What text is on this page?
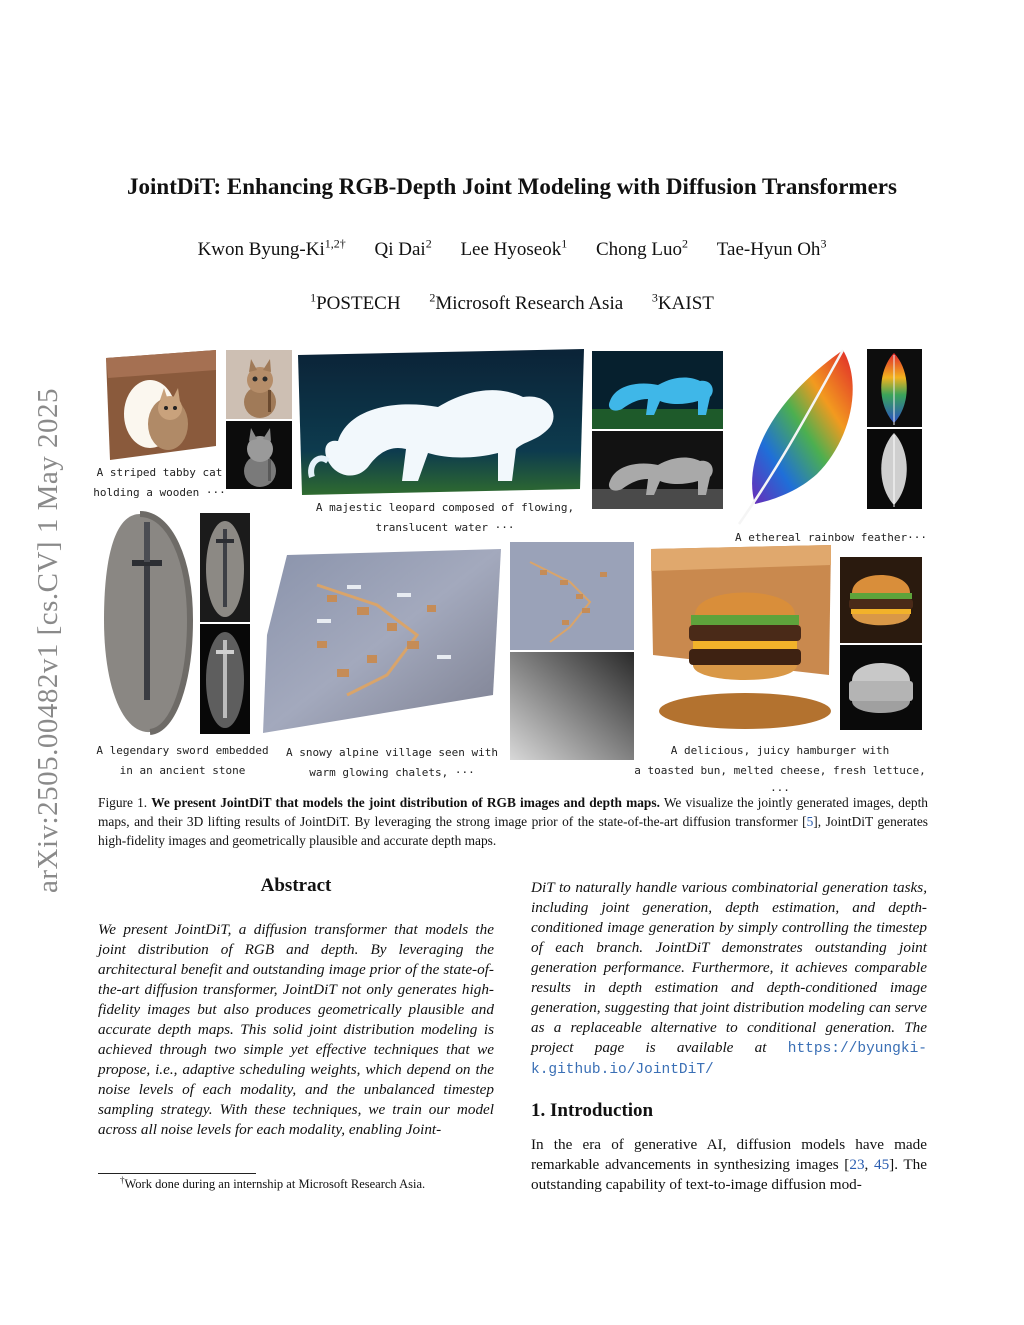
arXiv:2505.00482v1 [cs.CV] 1 May 2025
JointDiT: Enhancing RGB-Depth Joint Modeling with Diffusion Transformers
Kwon Byung-$Ki^{1,2\dagger}$ Qi Dai$^2$ Lee Hyoseok$^1$ Chong Luo$^2$ Tae-Hyun Oh$^3$
$^1$POSTECH $^2$Microsoft Research Asia $^3$KAIST
A striped tabby cat
holding a wooden ···
A majestic leopard composed of flowing,
translucent water ···
A ethereal rainbow feather···
A legendary sword embedded
in an ancient stone
A snowy alpine village seen with
warm glowing chalets, ···
A delicious, juicy hamburger with
a toasted bun, melted cheese, fresh lettuce, ···
Figure 1. We present JointDiT that models the joint distribution of RGB images and depth maps. We visualize the jointly generated images, depth maps, and their 3D lifting results of JointDiT. By leveraging the strong image prior of the state-of-the-art diffusion transformer [5], JointDiT generates high-fidelity images and geometrically plausible and accurate depth maps.
Abstract
We present JointDiT, a diffusion transformer that models the joint distribution of RGB and depth. By leveraging the architectural benefit and outstanding image prior of the state-of-the-art diffusion transformer, JointDiT not only generates high-fidelity images but also produces geometrically plausible and accurate depth maps. This solid joint distribution modeling is achieved through two simple yet effective techniques that we propose, i.e., adaptive scheduling weights, which depend on the noise levels of each modality, and the unbalanced timestep sampling strategy. With these techniques, we train our model across all noise levels for each modality, enabling Joint-
DiT to naturally handle various combinatorial generation tasks, including joint generation, depth estimation, and depth-conditioned image generation by simply controlling the timestep of each branch. JointDiT demonstrates outstanding joint generation performance. Furthermore, it achieves comparable results in depth estimation and depth-conditioned image generation, suggesting that joint distribution modeling can serve as a replaceable alternative to conditional generation. The project page is available at https://byungki-k.github.io/JointDiT/
†Work done during an internship at Microsoft Research Asia.
1. Introduction
In the era of generative AI, diffusion models have made remarkable advancements in synthesizing images [23, 45]. The outstanding capability of text-to-image diffusion mod-
